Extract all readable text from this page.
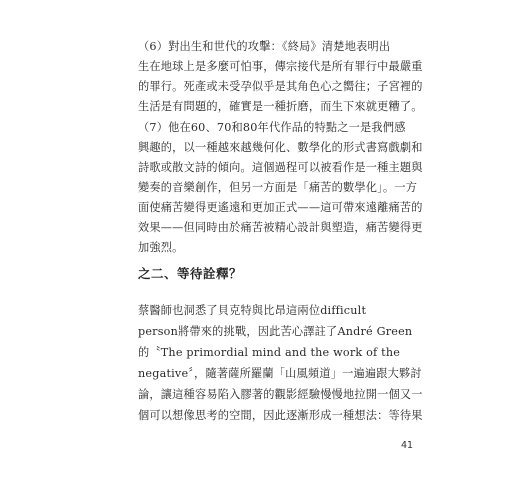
（6）對出生和世代的攻擊：《終局》清楚地表明出
生在地球上是多麼可怕事，傳宗接代是所有罪行中最嚴重
的罪行。死產或未受孕似乎是其角色心之嚮往；子宮裡的
生活是有問題的，確實是一種折磨，而生下來就更糟了。
（7）他在60、70和80年代作品的特點之一是我們感
興趣的，以一種越來越幾何化、數學化的形式書寫戲劇和
詩歌或散文詩的傾向。這個過程可以被看作是一種主題與
變奏的音樂創作，但另一方面是「痛苦的數學化」。一方
面使痛苦變得更遙遠和更加正式——這可帶來遠離痛苦的
效果——但同時由於痛苦被精心設計與塑造，痛苦變得更
加強烈。
之二、等待詮釋？
蔡醫師也洞悉了貝克特與比昂這兩位difficult
person將帶來的挑戰，因此苦心譯註了André Green
的〝The primordial mind and the work of the
negative〞，隨著薩所羅蘭「山風頻道」一遍遍跟大夥討
論，讓這種容易陷入膠著的觀影經驗慢慢地拉開一個又一
個可以想像思考的空間，因此逐漸形成一種想法：等待果
41
